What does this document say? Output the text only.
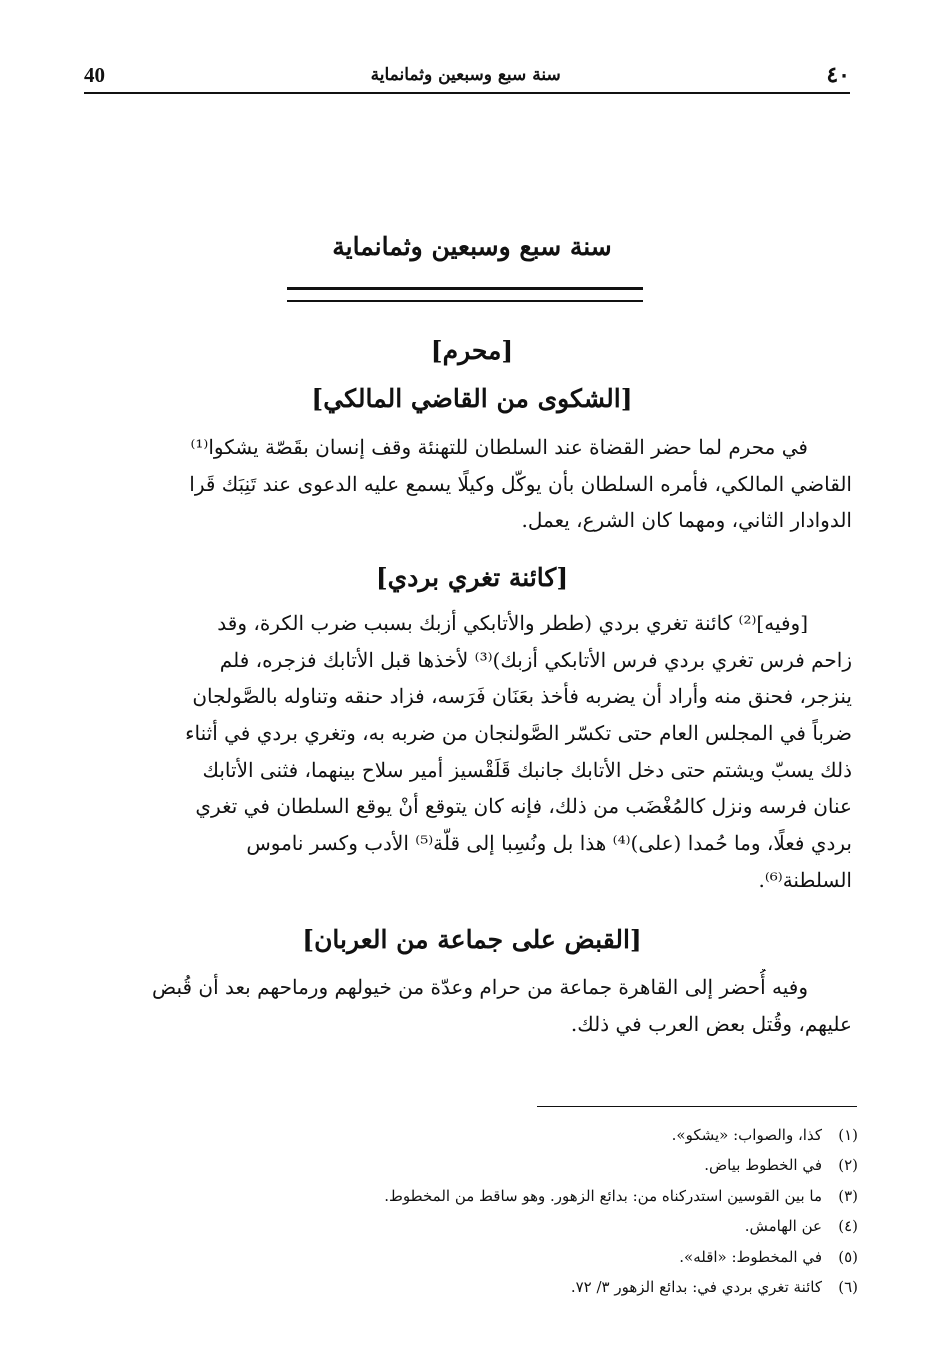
40	سنة سبع وسبعين وثمانماية	٤٠
سنة سبع وسبعين وثمانماية
[محرم]
[الشكوى من القاضي المالكي]
في محرم لما حضر القضاة عند السلطان للتهنئة وقف إنسان بقَصّة يشكوا⁽¹⁾
القاضي المالكي، فأمره السلطان بأن يوكّل وكيلًا يسمع عليه الدعوى عند تَنِبَك قَرا
الدوادار الثاني، ومهما كان الشرع، يعمل.
[كائنة تغري بردي]
[وفيه]⁽²⁾ كائنة تغري بردي (ططر والأتابكي أزبك بسبب ضرب الكرة، وقد
زاحم فرس تغري بردي فرس الأتابكي أزبك)⁽³⁾ لأخذها قبل الأتابك فزجره، فلم
ينزجر، فحنق منه وأراد أن يضربه فأخذ بعَنَان فَرَسه، فزاد حنقه وتناوله بالصَّولجان
ضرباً في المجلس العام حتى تكسّر الصَّولنجان من ضربه به، وتغري بردي في أثناء
ذلك يسبّ ويشتم حتى دخل الأتابك جانبك قَلَقْسيز أمير سلاح بينهما، فثنى الأتابك
عنان فرسه ونزل كالمُغْضَب من ذلك، فإنه كان يتوقع أنْ يوقع السلطان في تغري
بردي فعلًا، وما حُمدا (على)⁽⁴⁾ هذا بل ونُسِبا إلى قلّة⁽⁵⁾ الأدب وكسر ناموس
السلطنة⁽⁶⁾.
[القبض على جماعة من العربان]
وفيه أُحضر إلى القاهرة جماعة من حرام وعدّة من خيولهم ورماحهم بعد أن قُبض
عليهم، وقُتل بعض العرب في ذلك.
(١)كذا، والصواب: «يشكو».
(٢)في الخطوط بياض.
(٣)ما بين القوسين استدركناه من: بدائع الزهور. وهو ساقط من المخطوط.
(٤)عن الهامش.
(٥)في المخطوط: «اقله».
(٦)كائنة تغري بردي في: بدائع الزهور ٣/ ٧٢.
